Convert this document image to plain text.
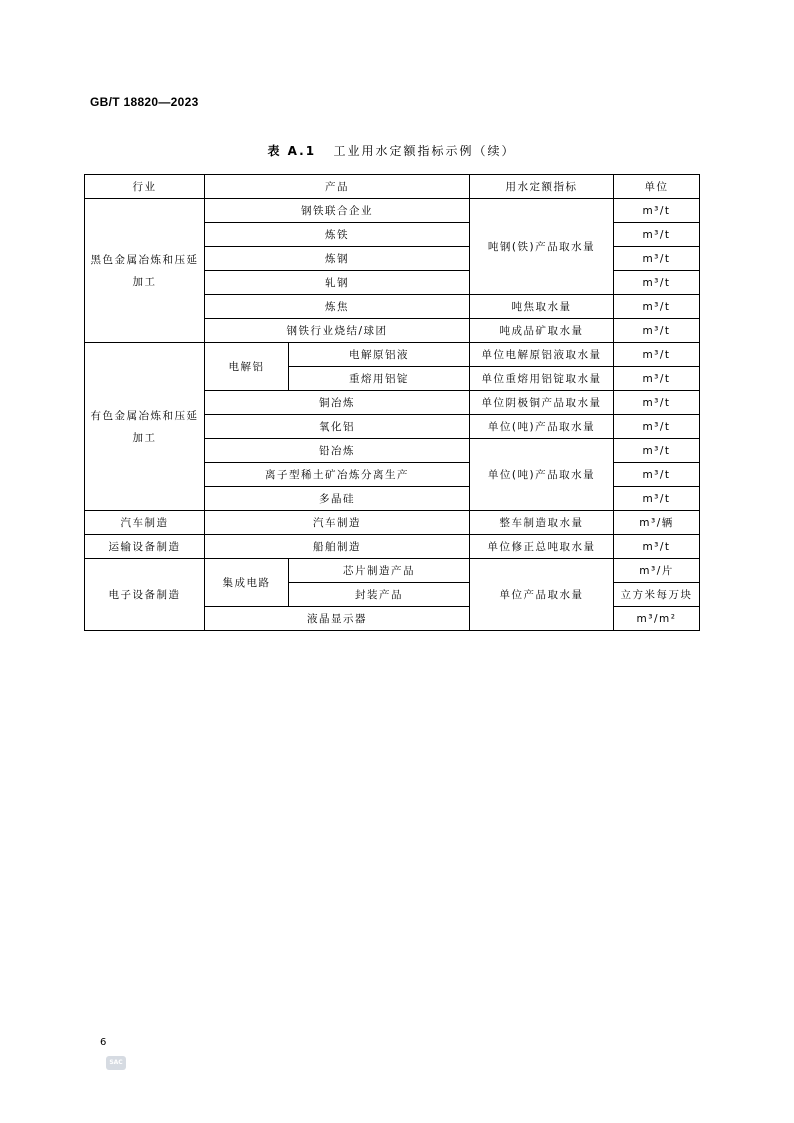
GB/T 18820—2023
表 A.1 工业用水定额指标示例（续）
行业	产品		用水定额指标	单位
黑色金属冶炼和压延加工	钢铁联合企业		吨钢(铁)产品取水量	m³/t
	炼铁			m³/t
	炼钢			m³/t
	轧钢			m³/t
	炼焦		吨焦取水量	m³/t
	钢铁行业烧结/球团		吨成品矿取水量	m³/t
有色金属冶炼和压延加工	电解铝	电解原铝液	单位电解原铝液取水量	m³/t
		重熔用铝锭	单位重熔用铝锭取水量	m³/t
	铜冶炼		单位阴极铜产品取水量	m³/t
	氧化铝		单位(吨)产品取水量	m³/t
	铅冶炼		单位(吨)产品取水量	m³/t
	离子型稀土矿冶炼分离生产			m³/t
	多晶硅			m³/t
汽车制造	汽车制造		整车制造取水量	m³/辆
运输设备制造	船舶制造		单位修正总吨取水量	m³/t
电子设备制造	集成电路	芯片制造产品	单位产品取水量	m³/片
		封装产品		立方米每万块
	液晶显示器			m³/m²
6
SAC
